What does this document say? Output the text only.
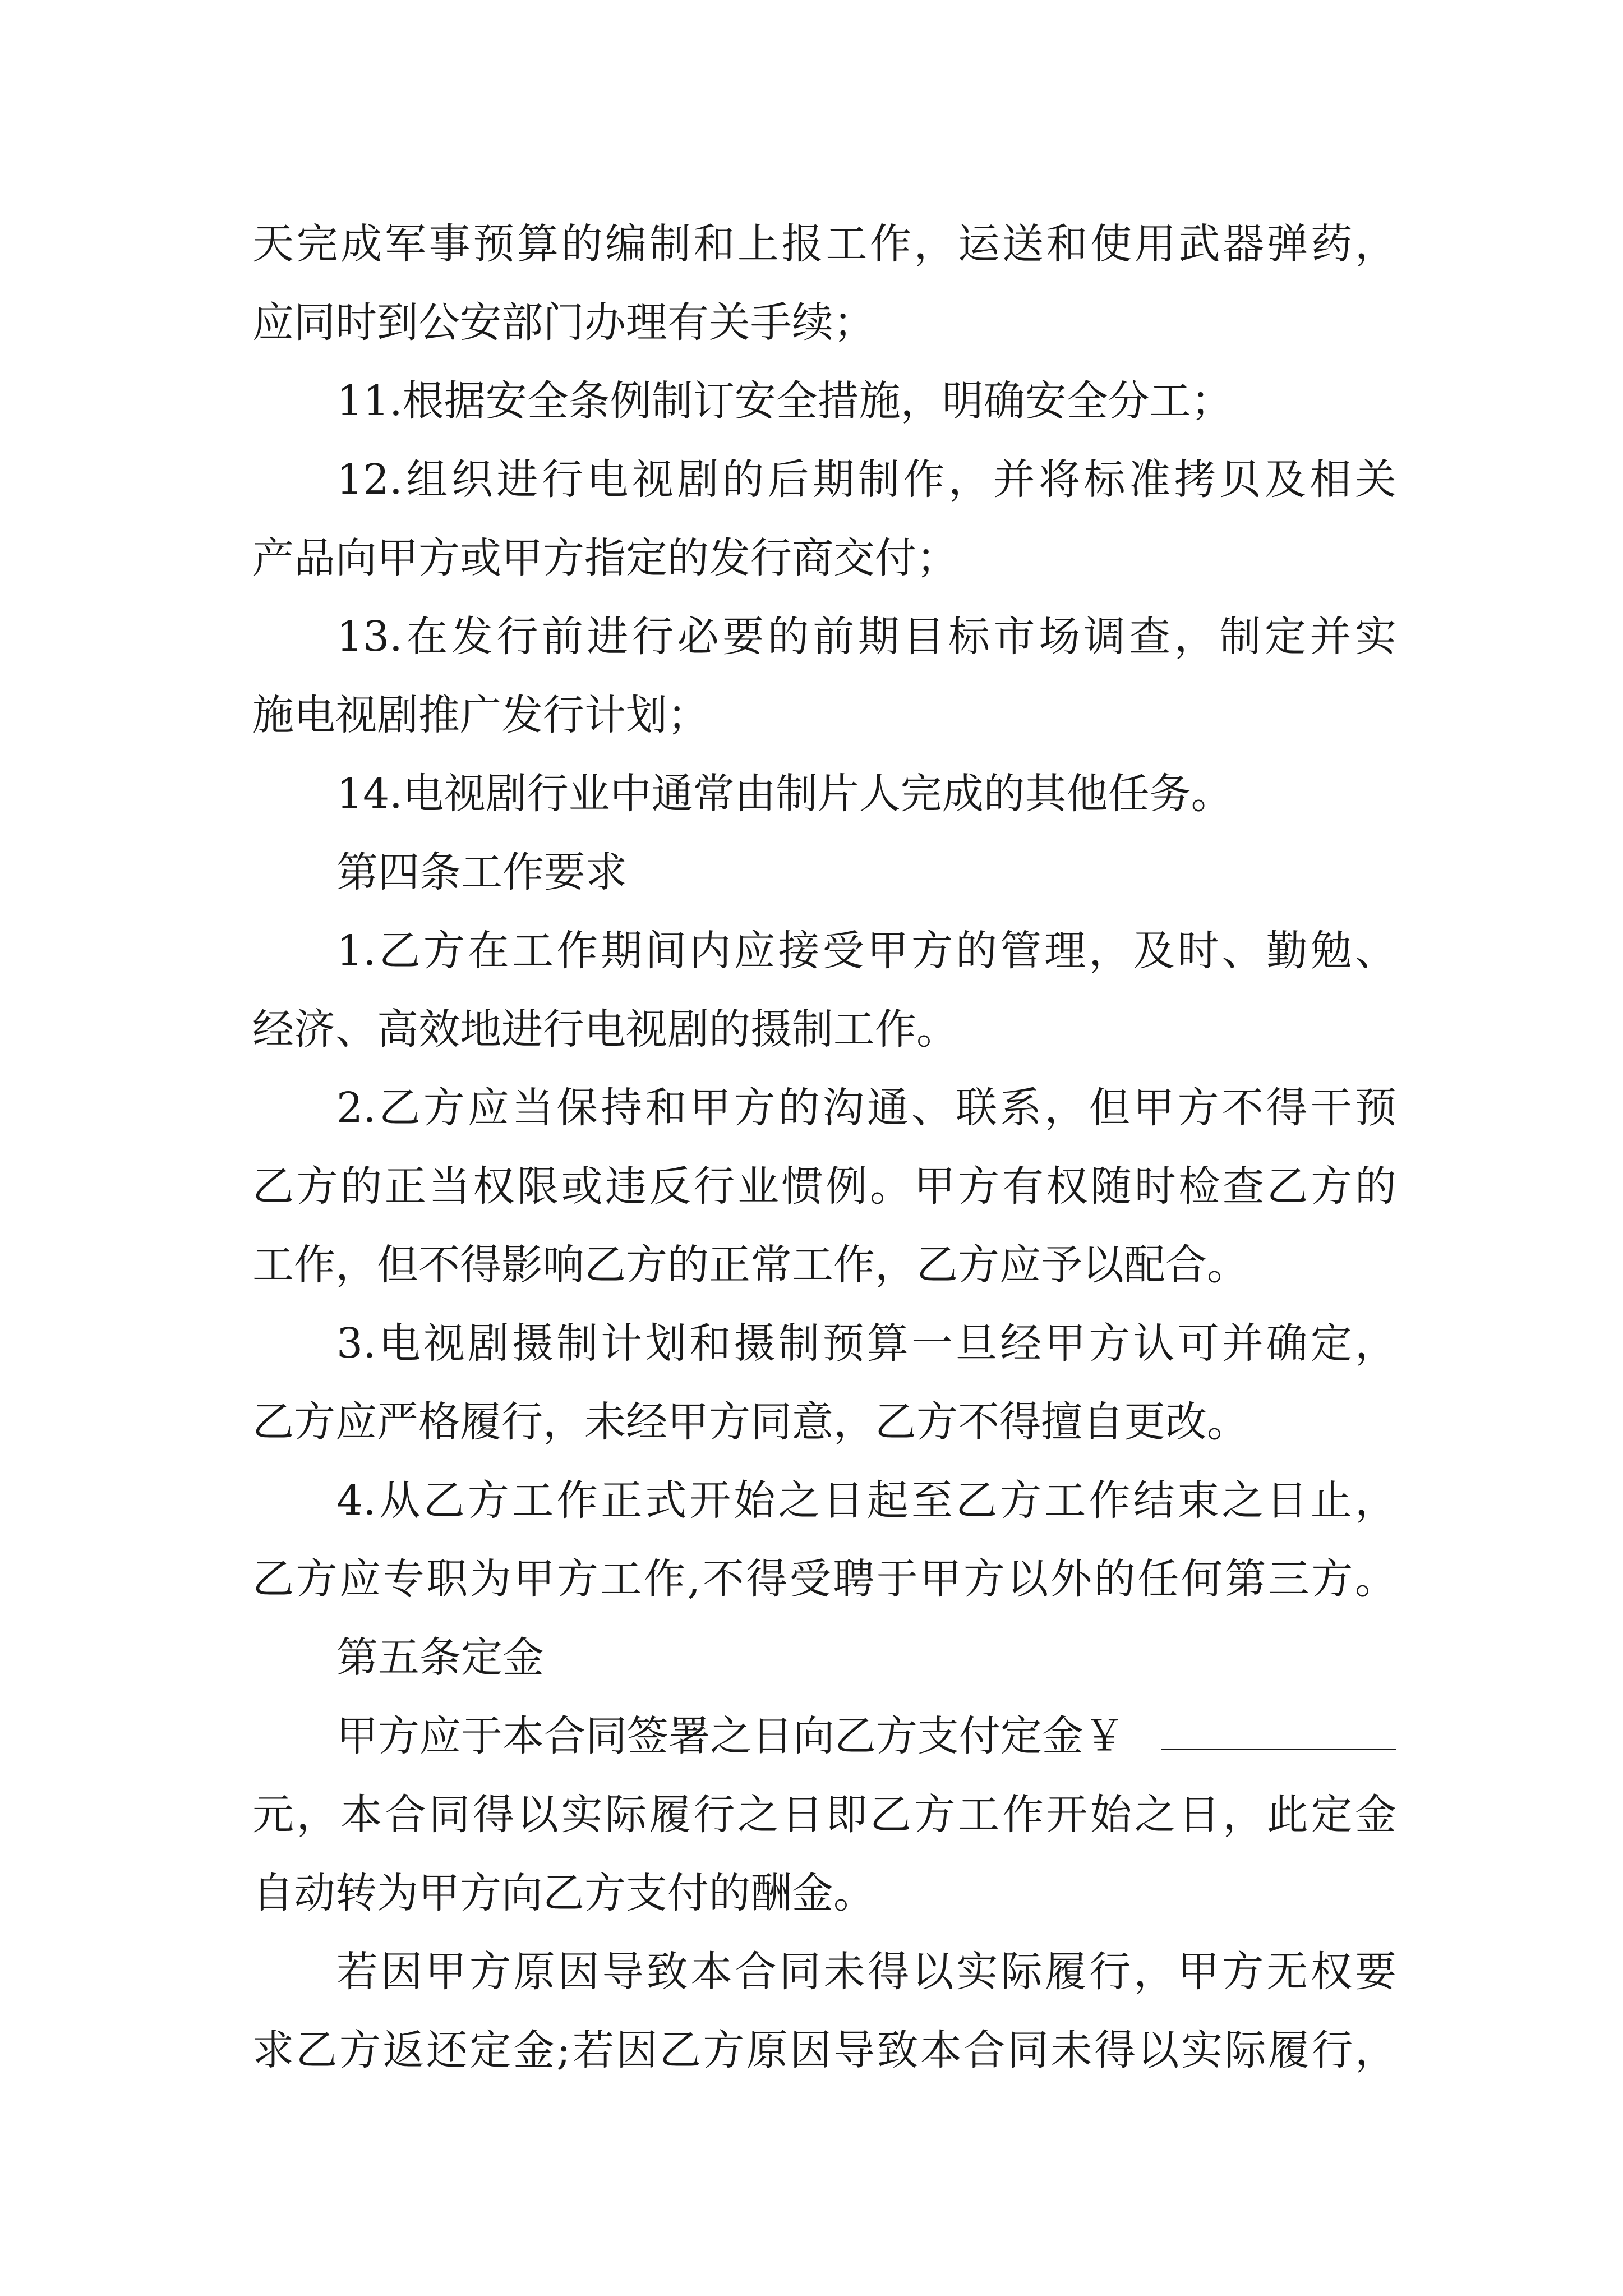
天完成军事预算的编制和上报工作，运送和使用武器弹药，
应同时到公安部门办理有关手续；
11.根据安全条例制订安全措施，明确安全分工；
12.组织进行电视剧的后期制作，并将标准拷贝及相关
产品向甲方或甲方指定的发行商交付；
13.在发行前进行必要的前期目标市场调查，制定并实
施电视剧推广发行计划；
14.电视剧行业中通常由制片人完成的其他任务。
第四条工作要求
1.乙方在工作期间内应接受甲方的管理，及时、勤勉、
经济、高效地进行电视剧的摄制工作。
2.乙方应当保持和甲方的沟通、联系，但甲方不得干预
乙方的正当权限或违反行业惯例。甲方有权随时检查乙方的
工作，但不得影响乙方的正常工作，乙方应予以配合。
3.电视剧摄制计划和摄制预算一旦经甲方认可并确定，
乙方应严格履行，未经甲方同意，乙方不得擅自更改。
4.从乙方工作正式开始之日起至乙方工作结束之日止，
乙方应专职为甲方工作,不得受聘于甲方以外的任何第三方。
第五条定金
甲方应于本合同签署之日向乙方支付定金￥
元，本合同得以实际履行之日即乙方工作开始之日，此定金
自动转为甲方向乙方支付的酬金。
若因甲方原因导致本合同未得以实际履行，甲方无权要
求乙方返还定金;若因乙方原因导致本合同未得以实际履行，
